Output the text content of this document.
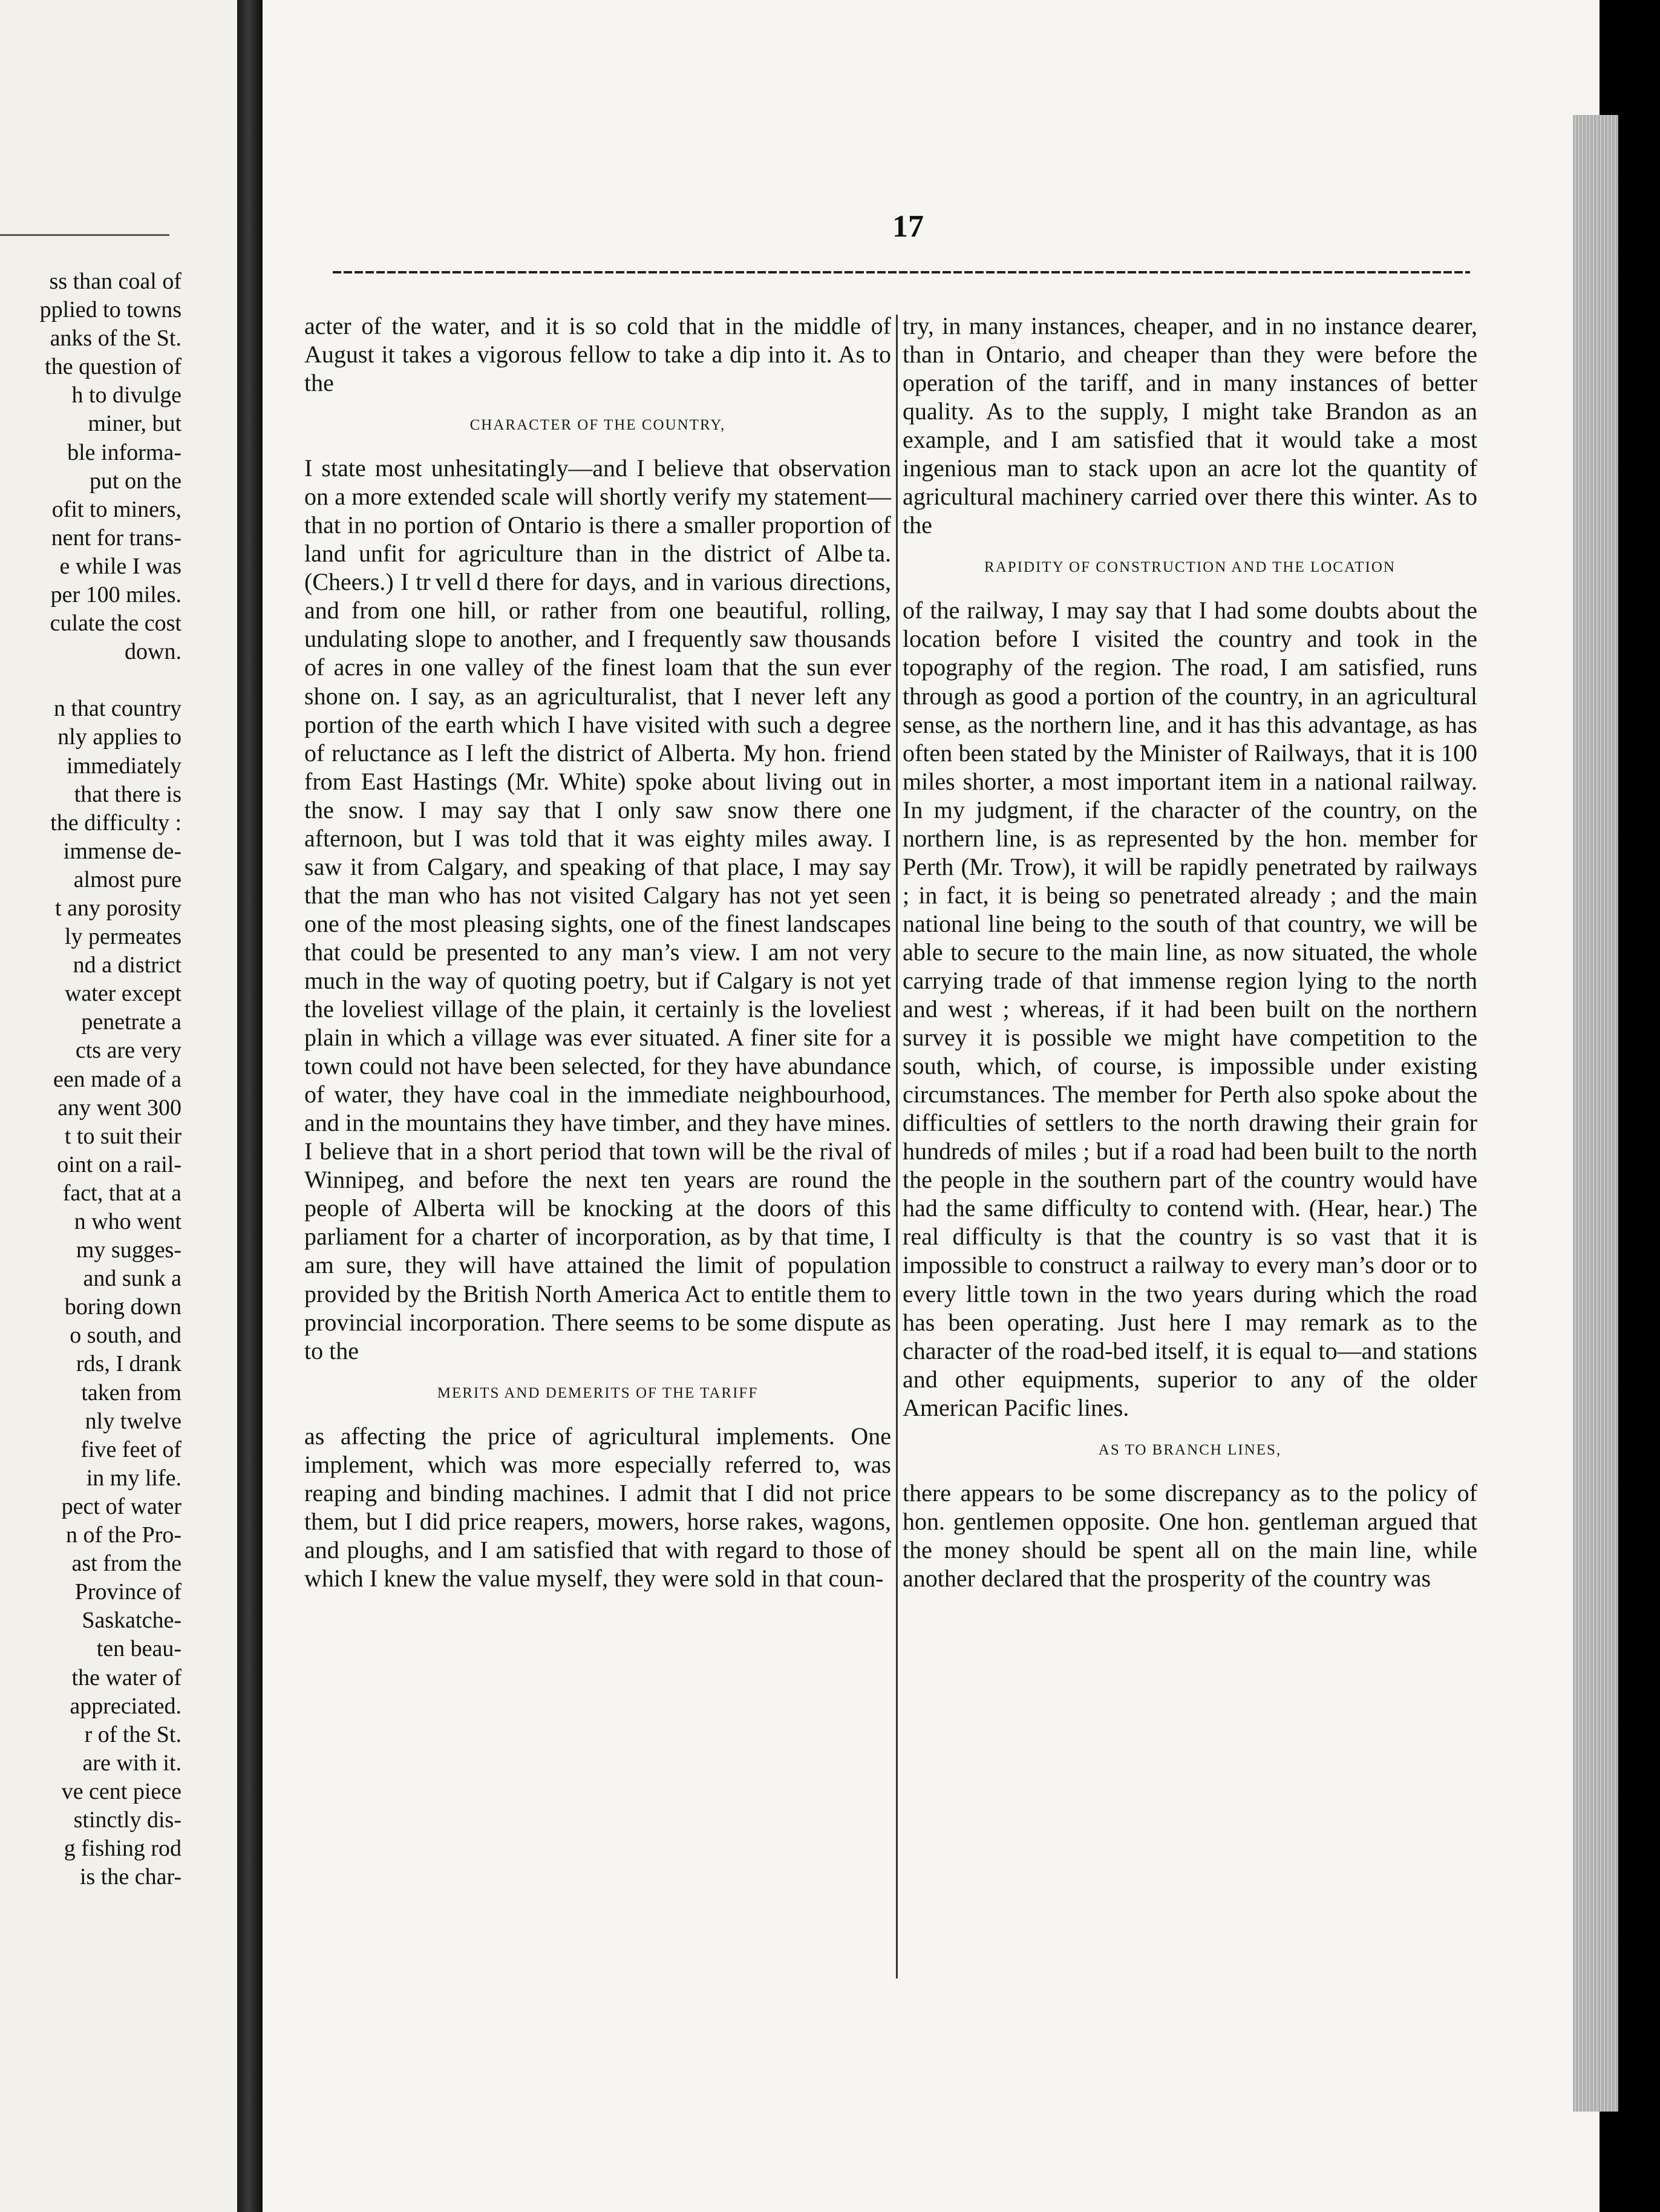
ss than coal of
pplied to towns
anks of the St.
the question of
h to divulge
miner, but
ble informa-
put on the
ofit to miners,
nent for trans-
e while I was
per 100 miles.
culate the cost
down.
n that country
nly applies to
immediately
that there is
the difficulty :
immense de-
almost pure
t any porosity
ly permeates
nd a district
water except
penetrate a
cts are very
een made of a
any went 300
t to suit their
oint on a rail-
fact, that at a
n who went
my sugges-
and sunk a
boring down
o south, and
rds, I drank
taken from
nly twelve
five feet of
in my life.
pect of water
n of the Pro-
ast from the
Province of
Saskatche-
ten beau-
the water of
appreciated.
r of the St.
are with it.
ve cent piece
stinctly dis-
g fishing rod
is the char-
17

acter of the water, and it is so cold that in the middle of August it takes a vigorous fellow to take a dip into it. As to the

CHARACTER OF THE COUNTRY,

I state most unhesitatingly—and I believe that observation on a more extended scale will shortly verify my statement—that in no portion of Ontario is there a smaller proportion of land unfit for agriculture than in the district of Albe ta. (Cheers.) I tr vell d there for days, and in various directions, and from one hill, or rather from one beautiful, rolling, undulating slope to another, and I frequently saw thousands of acres in one valley of the finest loam that the sun ever shone on. I say, as an agriculturalist, that I never left any portion of the earth which I have visited with such a degree of reluctance as I left the district of Alberta. My hon. friend from East Hastings (Mr. White) spoke about living out in the snow. I may say that I only saw snow there one afternoon, but I was told that it was eighty miles away. I saw it from Calgary, and speaking of that place, I may say that the man who has not visited Calgary has not yet seen one of the most pleasing sights, one of the finest landscapes that could be presented to any man’s view. I am not very much in the way of quoting poetry, but if Calgary is not yet the loveliest village of the plain, it certainly is the loveliest plain in which a village was ever situated. A finer site for a town could not have been selected, for they have abundance of water, they have coal in the immediate neighbourhood, and in the mountains they have timber, and they have mines. I believe that in a short period that town will be the rival of Winnipeg, and before the next ten years are round the people of Alberta will be knocking at the doors of this parliament for a charter of incorporation, as by that time, I am sure, they will have attained the limit of population provided by the British North America Act to entitle them to provincial incorporation. There seems to be some dispute as to the

MERITS AND DEMERITS OF THE TARIFF

as affecting the price of agricultural implements. One implement, which was more especially referred to, was reaping and binding machines. I admit that I did not price them, but I did price reapers, mowers, horse rakes, wagons, and ploughs, and I am satisfied that with regard to those of which I knew the value myself, they were sold in that coun-

try, in many instances, cheaper, and in no instance dearer, than in Ontario, and cheaper than they were before the operation of the tariff, and in many instances of better quality. As to the supply, I might take Brandon as an example, and I am satisfied that it would take a most ingenious man to stack upon an acre lot the quantity of agricultural machinery carried over there this winter. As to the

RAPIDITY OF CONSTRUCTION AND THE LOCATION

of the railway, I may say that I had some doubts about the location before I visited the country and took in the topography of the region. The road, I am satisfied, runs through as good a portion of the country, in an agricultural sense, as the northern line, and it has this advantage, as has often been stated by the Minister of Railways, that it is 100 miles shorter, a most important item in a national railway. In my judgment, if the character of the country, on the northern line, is as represented by the hon. member for Perth (Mr. Trow), it will be rapidly penetrated by railways ; in fact, it is being so penetrated already ; and the main national line being to the south of that country, we will be able to secure to the main line, as now situated, the whole carrying trade of that immense region lying to the north and west ; whereas, if it had been built on the northern survey it is possible we might have competition to the south, which, of course, is impossible under existing circumstances. The member for Perth also spoke about the difficulties of settlers to the north drawing their grain for hundreds of miles ; but if a road had been built to the north the people in the southern part of the country would have had the same difficulty to contend with. (Hear, hear.) The real difficulty is that the country is so vast that it is impossible to construct a railway to every man’s door or to every little town in the two years during which the road has been operating. Just here I may remark as to the character of the road-bed itself, it is equal to—and stations and other equipments, superior to any of the older American Pacific lines.

AS TO BRANCH LINES,

there appears to be some discrepancy as to the policy of hon. gentlemen opposite. One hon. gentleman argued that the money should be spent all on the main line, while another declared that the prosperity of the country was
